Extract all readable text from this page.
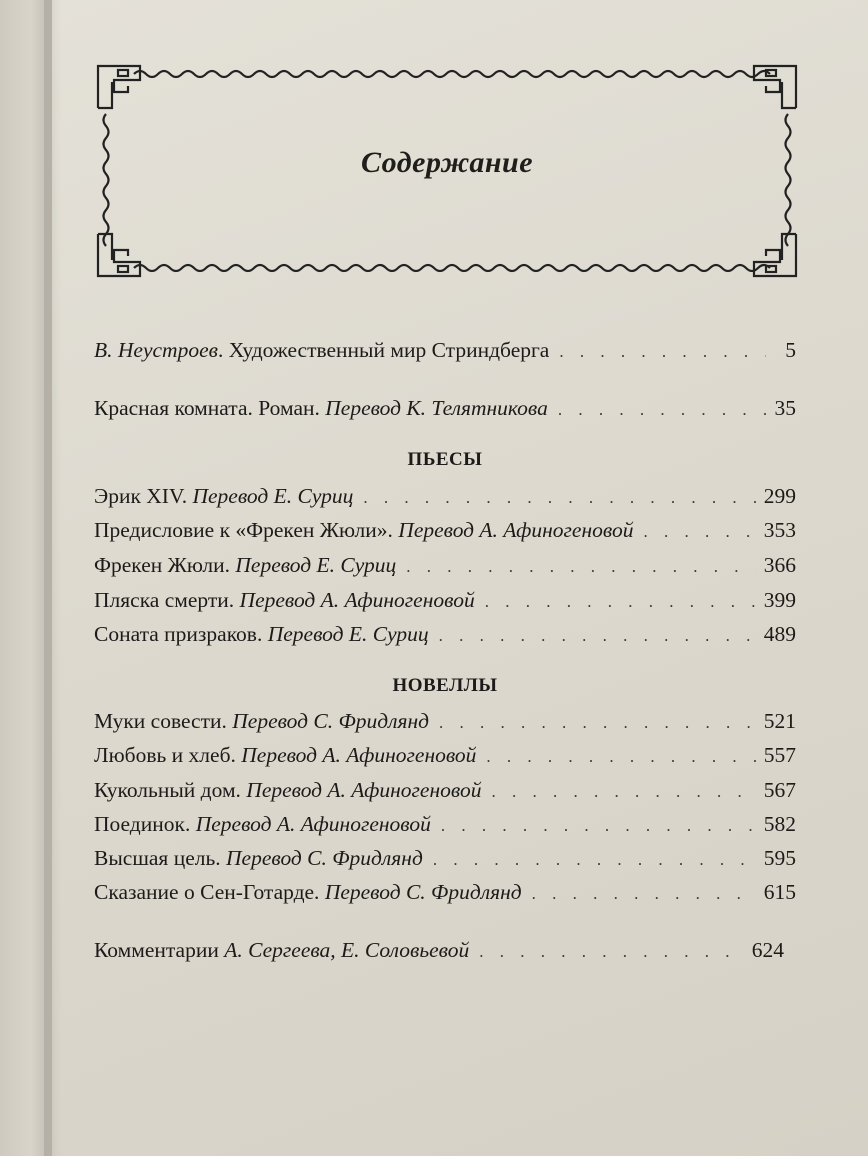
Содержание
В. Неустроев . Художественный мир Стриндберга . . .	5
Красная комната. Роман.
Перевод К. Телятникова . . .	35
ПЬЕСЫ
Эрик XIV.
Перевод Е. Суриц . . .	299
Предисловие к «Фрекен Жюли».
Перевод А. Афиногеновой . . .	353
Фрекен Жюли.
Перевод Е. Суриц . . .	366
Пляска смерти.
Перевод А. Афиногеновой . . .	399
Соната призраков.
Перевод Е. Суриц . . .	489
НОВЕЛЛЫ
Муки совести.
Перевод С. Фридлянд . . .	521
Любовь и хлеб.
Перевод А. Афиногеновой . . .	557
Кукольный дом.
Перевод А. Афиногеновой . . .	567
Поединок.
Перевод А. Афиногеновой . . .	582
Высшая цель.
Перевод С. Фридлянд . . .	595
Сказание о Сен-Готарде.
Перевод С. Фридлянд . . .	615
Комментарии
А. Сергеева, Е. Соловьевой . . .	624
